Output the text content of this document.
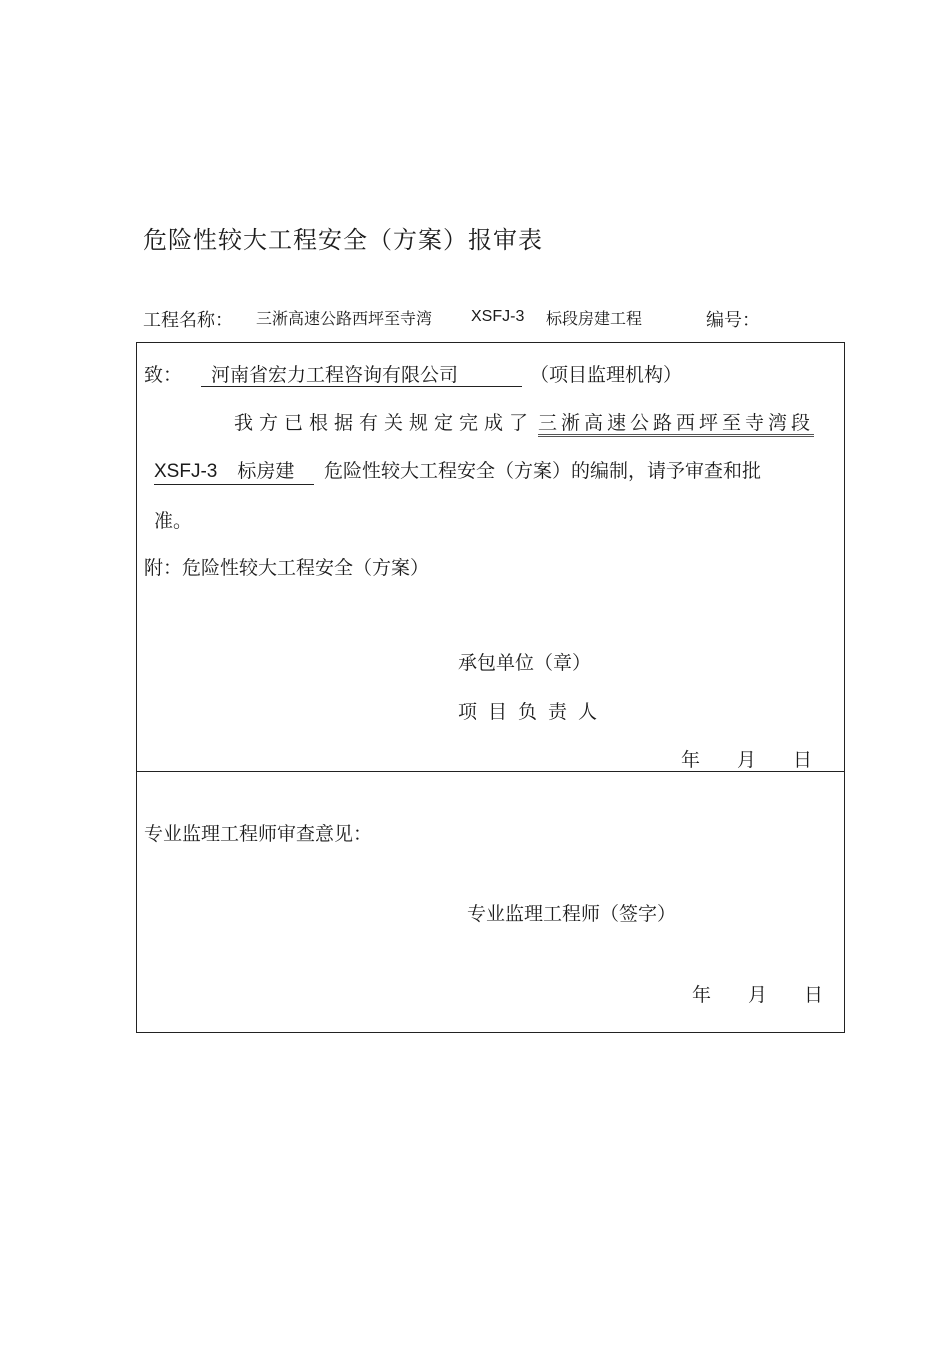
危险性较大工程安全（方案）报审表
工程名称： 三淅高速公路西坪至寺湾 XSFJ-3 标段房建工程	编号：
致：	河南省宏力工程咨询有限公司	（项目监理机构）
我方已根据有关规定完成了 三淅高速公路西坪至寺湾段
XSFJ-3 标房建	危险性较大工程安全（方案）的编制，请予审查和批
准。
附：危险性较大工程安全（方案）
承包单位（章）
项目负责人
年 月 日
专业监理工程师审查意见：
专业监理工程师（签字）
年 月 日
